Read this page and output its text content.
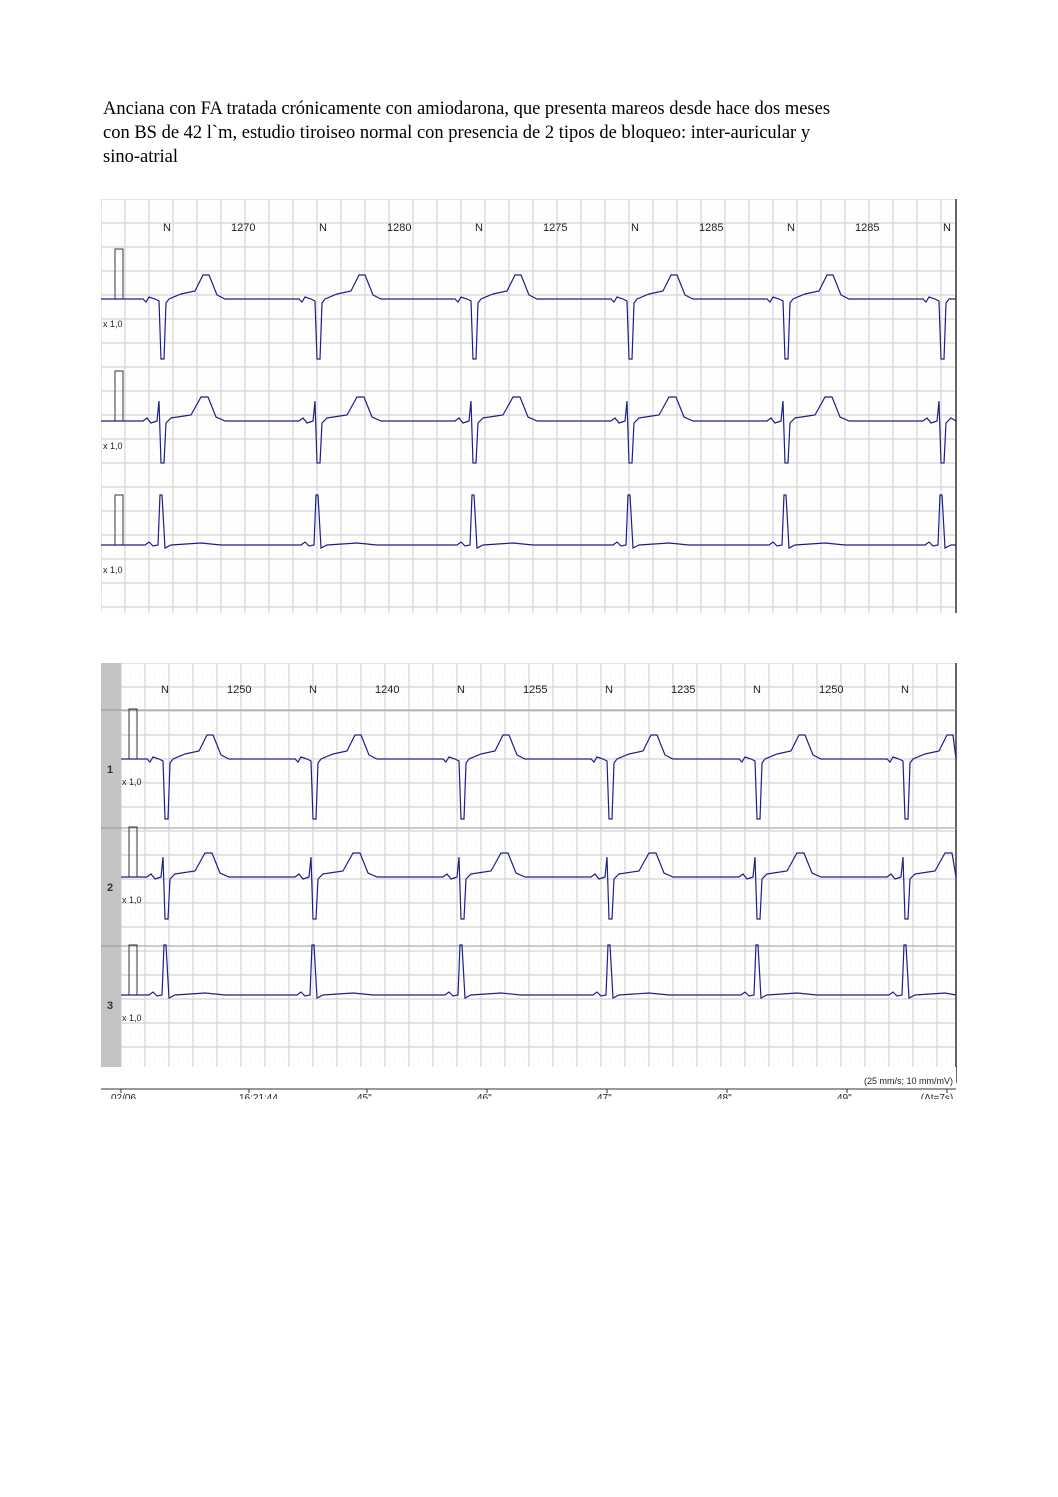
Anciana con FA tratada crónicamente con amiodarona, que presenta mareos desde hace dos meses
con BS de 42 l`m, estudio tiroiseo normal con presencia de 2 tipos de bloqueo: inter-auricular y
sino-atrial
N	N	N	N	N	N
1270	1280	1275	1285	1285
x 1,0
x 1,0
x 1,0
N	N	N	N	N	N
1250	1240	1255	1235	1250
1
x 1,0
2
x 1,0
3
x 1,0
(25 mm/s; 10 mm/mV)
02/06	16:21:44	45"	46"	47"	48"	49"	(Δt=7s)
